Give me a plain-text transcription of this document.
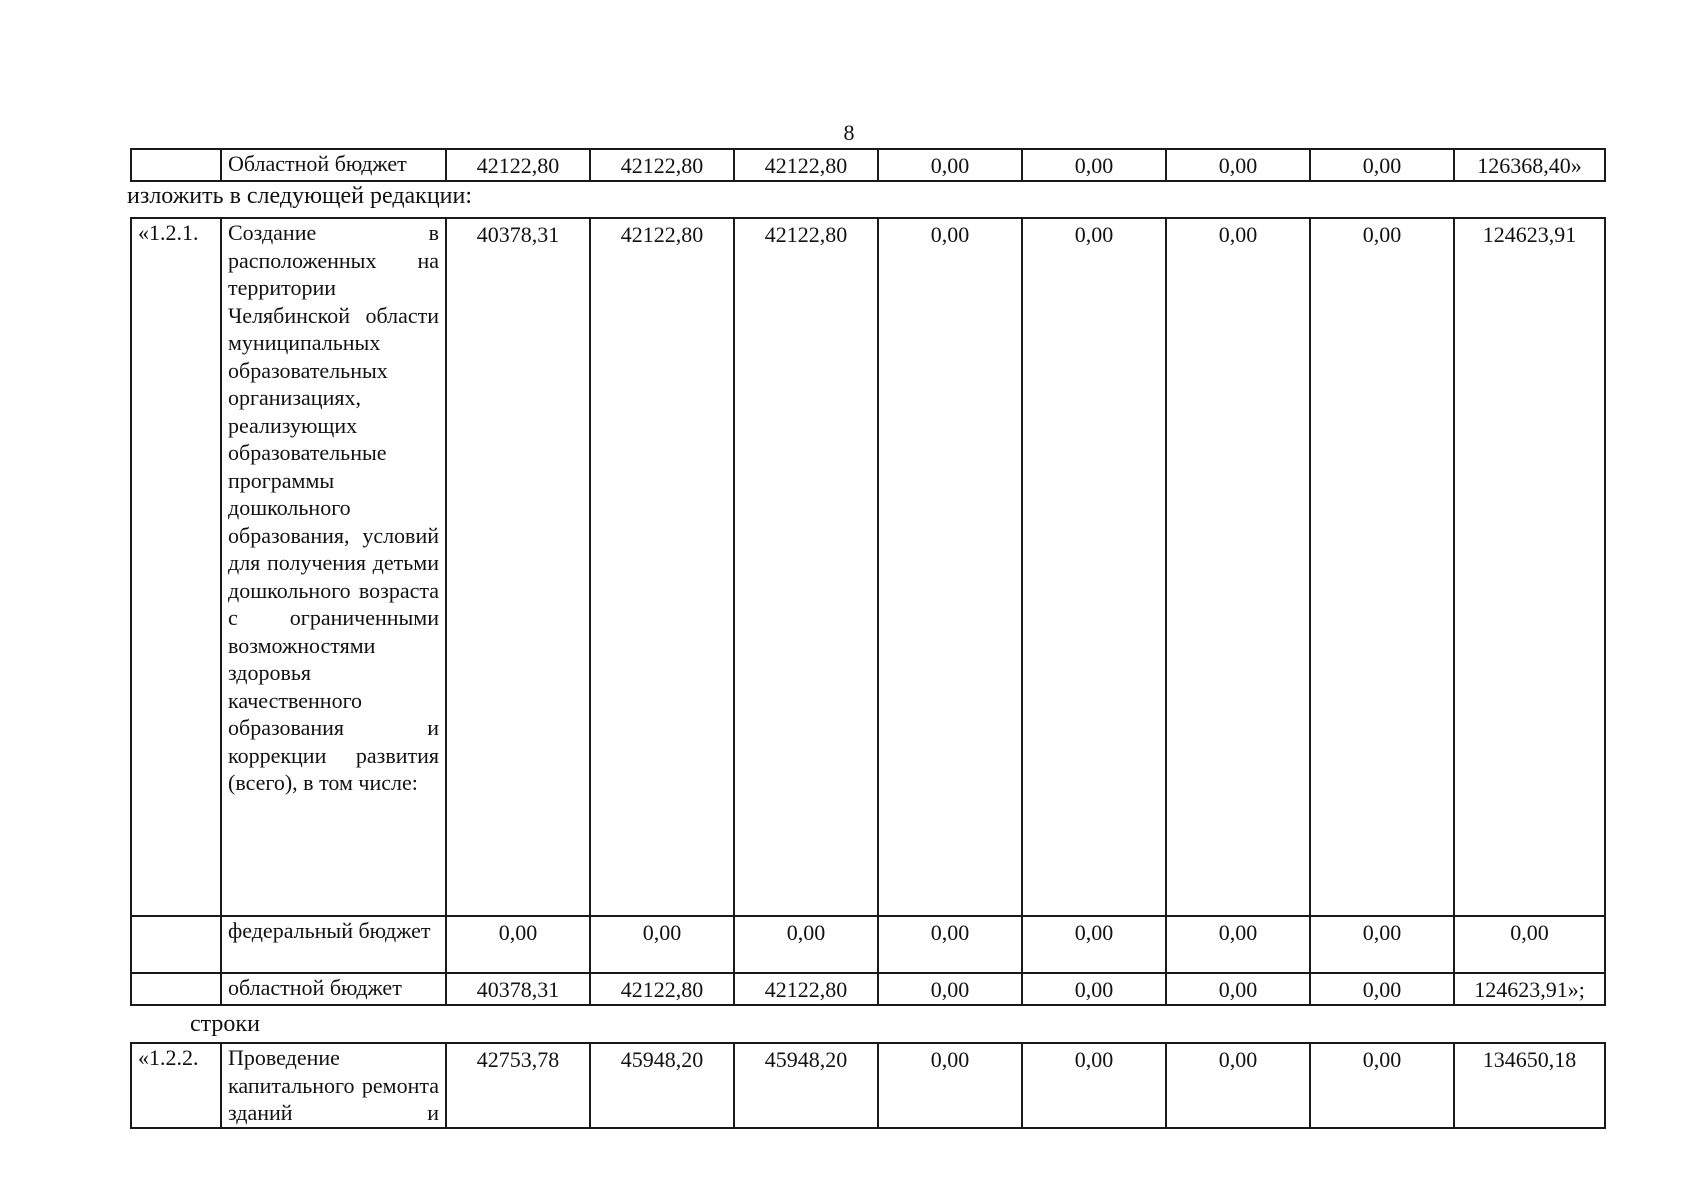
8
	Областной бюджет	42122,80	42122,80	42122,80	0,00	0,00	0,00	0,00	126368,40»
изложить в следующей редакции:
«1.2.1.	Создание в расположенных на территории Челябинской области муниципальных образовательных организациях, реализующих образовательные программы дошкольного образования, условий для получения детьми дошкольного возраста с ограниченными возможностями здоровья качественного образования и коррекции развития (всего), в том числе:	40378,31	42122,80	42122,80	0,00	0,00	0,00	0,00	124623,91
	федеральный бюджет	0,00	0,00	0,00	0,00	0,00	0,00	0,00	0,00
	областной бюджет	40378,31	42122,80	42122,80	0,00	0,00	0,00	0,00	124623,91»;
строки
«1.2.2.	Проведение капитального ремонта зданий и	42753,78	45948,20	45948,20	0,00	0,00	0,00	0,00	134650,18
